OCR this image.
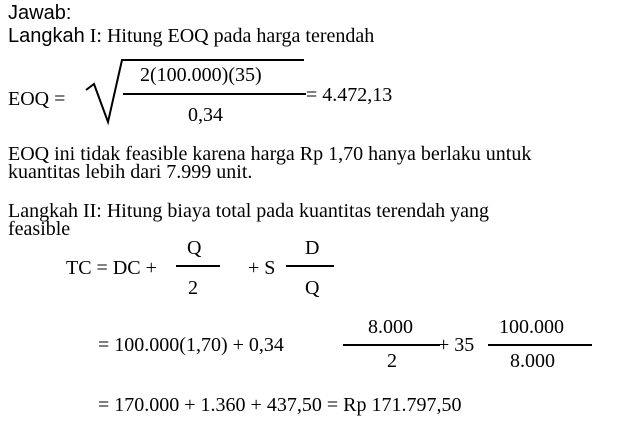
Jawab:
Langkah I: Hitung EOQ pada harga terendah
EOQ =
2(100.000)(35)
0,34
= 4.472,13
EOQ ini tidak feasible karena harga Rp 1,70 hanya berlaku untuk
kuantitas lebih dari 7.999 unit.
Langkah II: Hitung biaya total pada kuantitas terendah yang
feasible
TC = DC +
Q
2
+ S
D
Q
= 100.000(1,70) + 0,34
8.000
2
+ 35
100.000
8.000
= 170.000 + 1.360 + 437,50 = Rp 171.797,50
